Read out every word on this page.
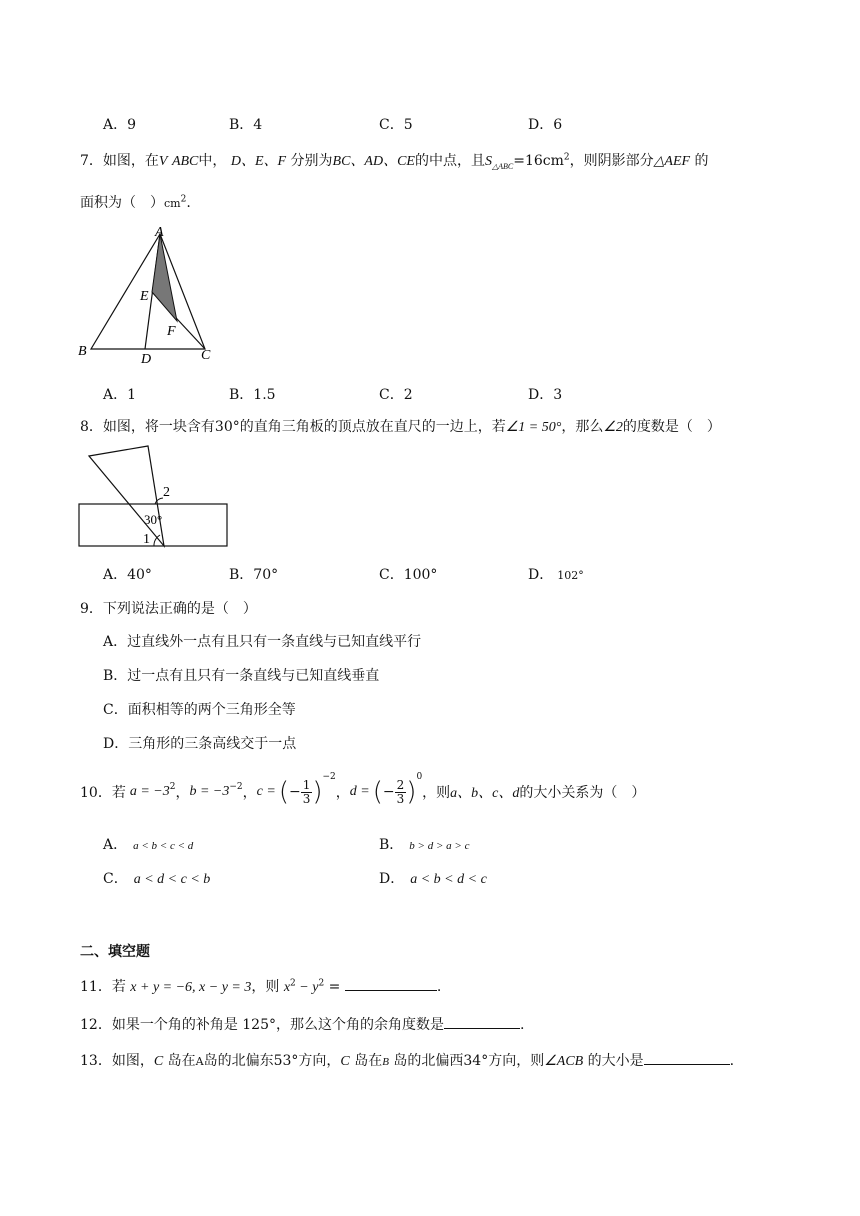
A．9	B．4	C．5	D．6
7．如图，在V ABC中， D、E、F 分别为BC、AD、CE的中点，且$S_{\triangle ABC}=16cm^2$，则阴影部分△AEF 的
面积为（　）$cm^2$.
A
B	C
D
E
F
A．1	B．1.5	C．2	D．3
8．如图，将一块含有30°的直角三角板的顶点放在直尺的一边上，若∠1 = 50°，那么∠2的度数是（　）
2
30°
1
A．40°	B．70°	C．100°	D． 102°
9．下列说法正确的是（　）
A．过直线外一点有且只有一条直线与已知直线平行
B．过一点有且只有一条直线与已知直线垂直
C．面积相等的两个三角形全等
D．三角形的三条高线交于一点
10．若 $a = -3^2$ ， $b = -3^{-2}$ ， c = ( − $\frac{1}{3} )^{-2}$
， d = ( − $\frac{2}{3} )^0$
，则 a、b、c、d 的大小关系为（　）
A． a < b < c < d	B． b > d > a > c
C． a < d < c < b	D． a < b < d < c
二、填空题
11．若 x + y = −6, x − y = 3，则 $x^2 - y^2$ =	.
12．如果一个角的补角是 125°，那么这个角的余角度数是	.
13．如图，C 岛在A岛的北偏东53°方向，C 岛在B 岛的北偏西34°方向，则∠ACB 的大小是	.
